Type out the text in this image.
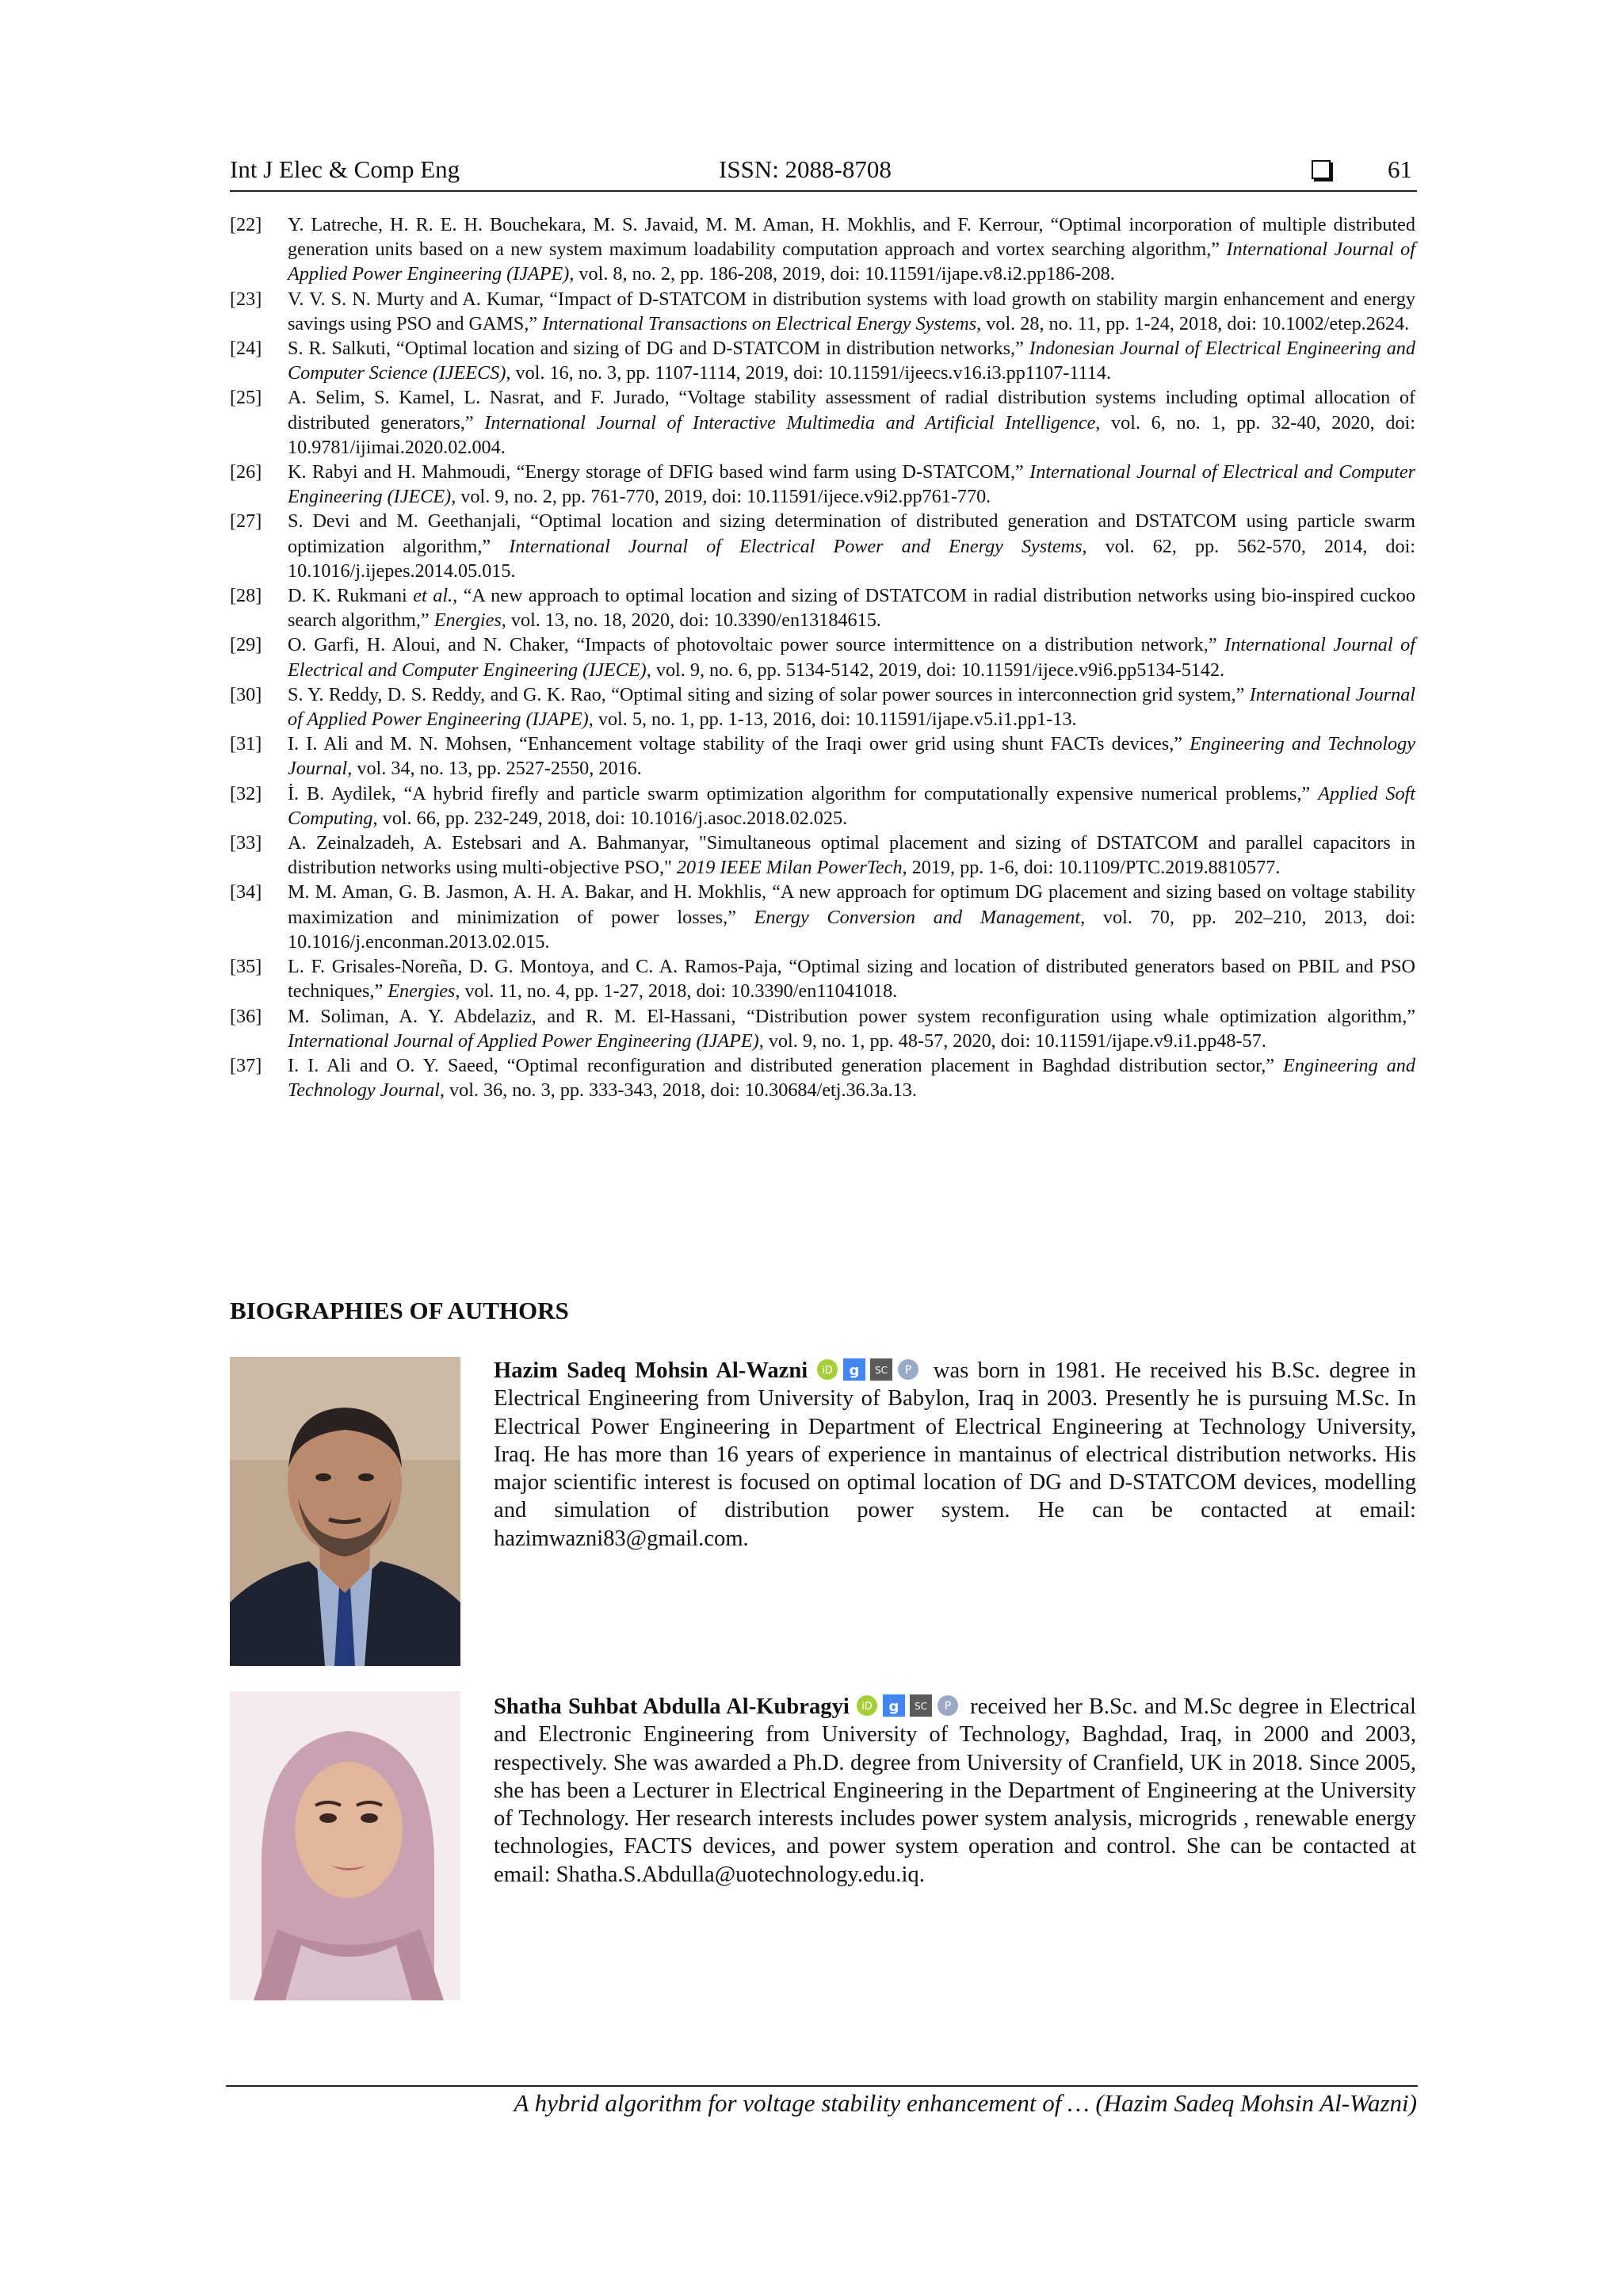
Int J Elec & Comp Eng	ISSN: 2088-8708	61
[22]	Y. Latreche, H. R. E. H. Bouchekara, M. S. Javaid, M. M. Aman, H. Mokhlis, and F. Kerrour, “Optimal incorporation of multiple distributed generation units based on a new system maximum loadability computation approach and vortex searching algorithm,” International Journal of Applied Power Engineering (IJAPE), vol. 8, no. 2, pp. 186-208, 2019, doi: 10.11591/ijape.v8.i2.pp186-208.
[23]	V. V. S. N. Murty and A. Kumar, “Impact of D-STATCOM in distribution systems with load growth on stability margin enhancement and energy savings using PSO and GAMS,” International Transactions on Electrical Energy Systems, vol. 28, no. 11, pp. 1-24, 2018, doi: 10.1002/etep.2624.
[24]	S. R. Salkuti, “Optimal location and sizing of DG and D-STATCOM in distribution networks,” Indonesian Journal of Electrical Engineering and Computer Science (IJEECS), vol. 16, no. 3, pp. 1107-1114, 2019, doi: 10.11591/ijeecs.v16.i3.pp1107-1114.
[25]	A. Selim, S. Kamel, L. Nasrat, and F. Jurado, “Voltage stability assessment of radial distribution systems including optimal allocation of distributed generators,” International Journal of Interactive Multimedia and Artificial Intelligence, vol. 6, no. 1, pp. 32-40, 2020, doi: 10.9781/ijimai.2020.02.004.
[26]	K. Rabyi and H. Mahmoudi, “Energy storage of DFIG based wind farm using D-STATCOM,” International Journal of Electrical and Computer Engineering (IJECE), vol. 9, no. 2, pp. 761-770, 2019, doi: 10.11591/ijece.v9i2.pp761-770.
[27]	S. Devi and M. Geethanjali, “Optimal location and sizing determination of distributed generation and DSTATCOM using particle swarm optimization algorithm,” International Journal of Electrical Power and Energy Systems, vol. 62, pp. 562-570, 2014, doi: 10.1016/j.ijepes.2014.05.015.
[28]	D. K. Rukmani et al., “A new approach to optimal location and sizing of DSTATCOM in radial distribution networks using bio-inspired cuckoo search algorithm,” Energies, vol. 13, no. 18, 2020, doi: 10.3390/en13184615.
[29]	O. Garfi, H. Aloui, and N. Chaker, “Impacts of photovoltaic power source intermittence on a distribution network,” International Journal of Electrical and Computer Engineering (IJECE), vol. 9, no. 6, pp. 5134-5142, 2019, doi: 10.11591/ijece.v9i6.pp5134-5142.
[30]	S. Y. Reddy, D. S. Reddy, and G. K. Rao, “Optimal siting and sizing of solar power sources in interconnection grid system,” International Journal of Applied Power Engineering (IJAPE), vol. 5, no. 1, pp. 1-13, 2016, doi: 10.11591/ijape.v5.i1.pp1-13.
[31]	I. I. Ali and M. N. Mohsen, “Enhancement voltage stability of the Iraqi ower grid using shunt FACTs devices,” Engineering and Technology Journal, vol. 34, no. 13, pp. 2527-2550, 2016.
[32]	İ. B. Aydilek, “A hybrid firefly and particle swarm optimization algorithm for computationally expensive numerical problems,” Applied Soft Computing, vol. 66, pp. 232-249, 2018, doi: 10.1016/j.asoc.2018.02.025.
[33]	A. Zeinalzadeh, A. Estebsari and A. Bahmanyar, "Simultaneous optimal placement and sizing of DSTATCOM and parallel capacitors in distribution networks using multi-objective PSO," 2019 IEEE Milan PowerTech, 2019, pp. 1-6, doi: 10.1109/PTC.2019.8810577.
[34]	M. M. Aman, G. B. Jasmon, A. H. A. Bakar, and H. Mokhlis, “A new approach for optimum DG placement and sizing based on voltage stability maximization and minimization of power losses,” Energy Conversion and Management, vol. 70, pp. 202–210, 2013, doi: 10.1016/j.enconman.2013.02.015.
[35]	L. F. Grisales-Noreña, D. G. Montoya, and C. A. Ramos-Paja, “Optimal sizing and location of distributed generators based on PBIL and PSO techniques,” Energies, vol. 11, no. 4, pp. 1-27, 2018, doi: 10.3390/en11041018.
[36]	M. Soliman, A. Y. Abdelaziz, and R. M. El-Hassani, “Distribution power system reconfiguration using whale optimization algorithm,” International Journal of Applied Power Engineering (IJAPE), vol. 9, no. 1, pp. 48-57, 2020, doi: 10.11591/ijape.v9.i1.pp48-57.
[37]	I. I. Ali and O. Y. Saeed, “Optimal reconfiguration and distributed generation placement in Baghdad distribution sector,” Engineering and Technology Journal, vol. 36, no. 3, pp. 333-343, 2018, doi: 10.30684/etj.36.3a.13.
BIOGRAPHIES OF AUTHORS
Hazim Sadeq Mohsin Al-Wazni iD g SC P was born in 1981. He received his B.Sc. degree in Electrical Engineering from University of Babylon, Iraq in 2003. Presently he is pursuing M.Sc. In Electrical Power Engineering in Department of Electrical Engineering at Technology University, Iraq. He has more than 16 years of experience in mantainus of electrical distribution networks. His major scientific interest is focused on optimal location of DG and D-STATCOM devices, modelling and simulation of distribution power system. He can be contacted at email: hazimwazni83@gmail.com.
Shatha Suhbat Abdulla Al-Kubragyi iD g SC P received her B.Sc. and M.Sc degree in Electrical and Electronic Engineering from University of Technology, Baghdad, Iraq, in 2000 and 2003, respectively. She was awarded a Ph.D. degree from University of Cranfield, UK in 2018. Since 2005, she has been a Lecturer in Electrical Engineering in the Department of Engineering at the University of Technology. Her research interests includes power system analysis, microgrids , renewable energy technologies, FACTS devices, and power system operation and control. She can be contacted at email: Shatha.S.Abdulla@uotechnology.edu.iq.
A hybrid algorithm for voltage stability enhancement of … (Hazim Sadeq Mohsin Al-Wazni)
